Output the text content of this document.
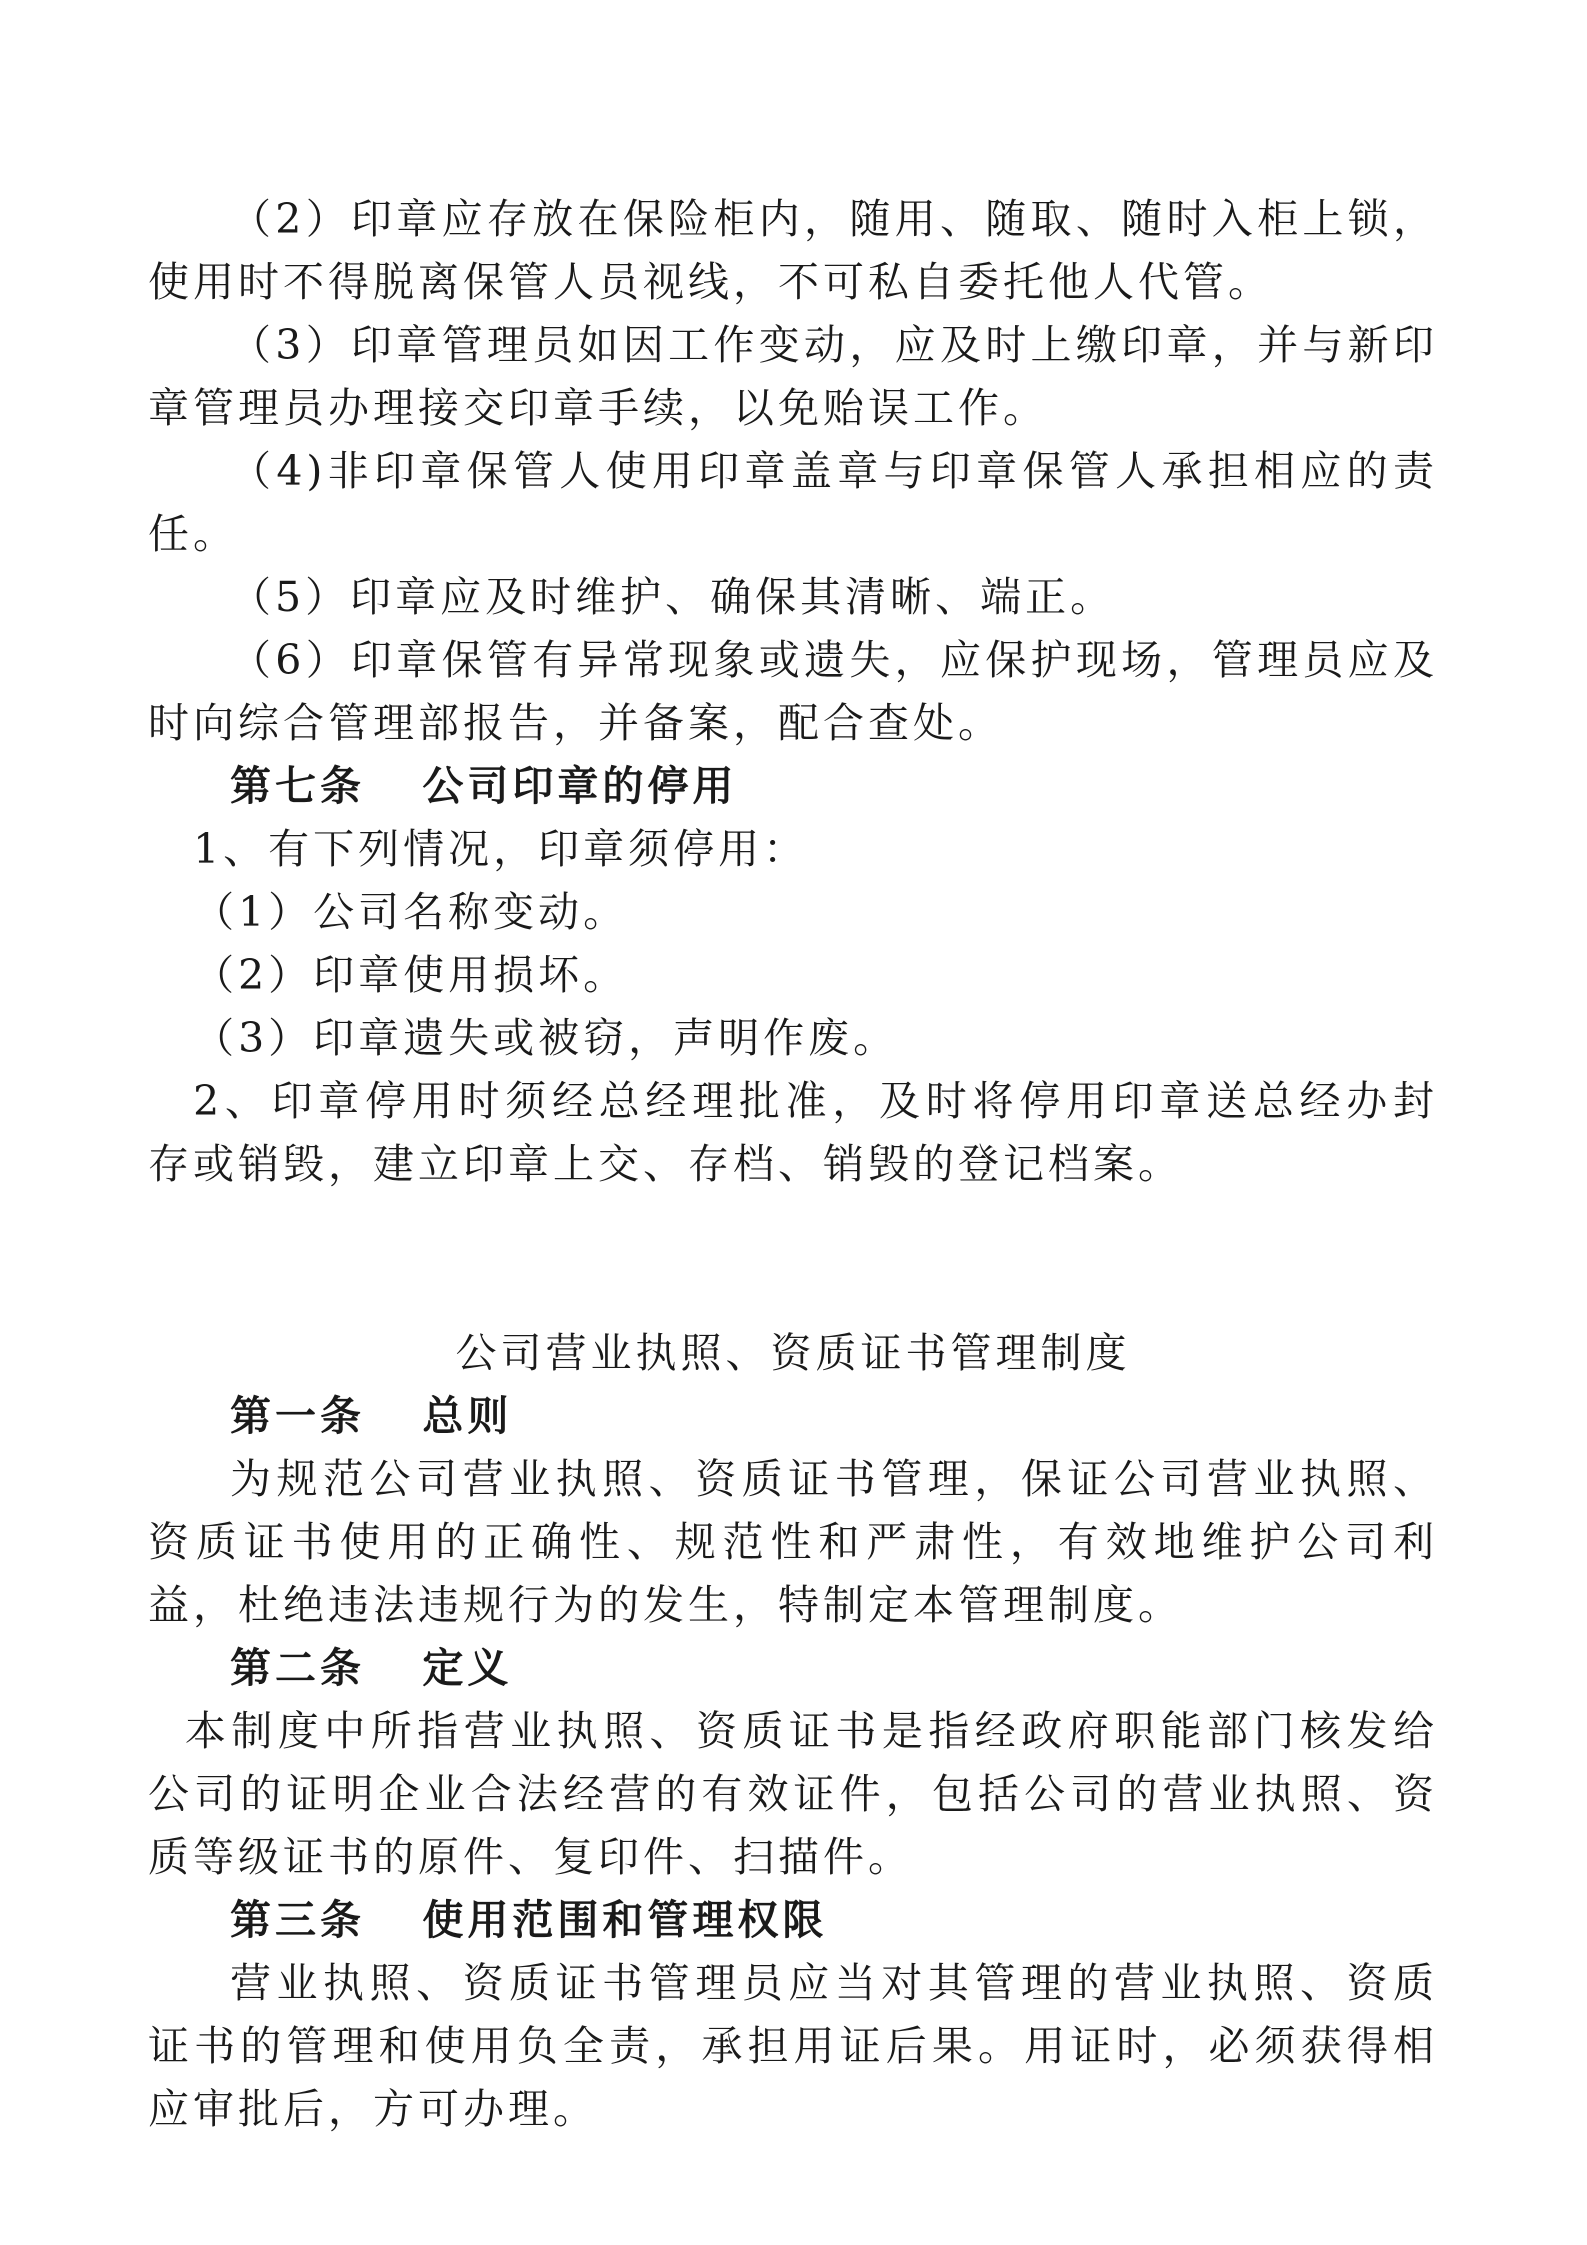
（2）印章应存放在保险柜内，随用、随取、随时入柜上锁，使用时不得脱离保管人员视线，不可私自委托他人代管。

（3）印章管理员如因工作变动，应及时上缴印章，并与新印章管理员办理接交印章手续，以免贻误工作。

（4)非印章保管人使用印章盖章与印章保管人承担相应的责任。

（5）印章应及时维护、确保其清晰、端正。

（6）印章保管有异常现象或遗失，应保护现场，管理员应及时向综合管理部报告，并备案，配合查处。

第七条 公司印章的停用

1、有下列情况，印章须停用：

（1）公司名称变动。

（2）印章使用损坏。

（3）印章遗失或被窃，声明作废。

2、印章停用时须经总经理批准，及时将停用印章送总经办封存或销毁，建立印章上交、存档、销毁的登记档案。

公司营业执照、资质证书管理制度

第一条 总则

为规范公司营业执照、资质证书管理，保证公司营业执照、资质证书使用的正确性、规范性和严肃性，有效地维护公司利益，杜绝违法违规行为的发生，特制定本管理制度。

第二条 定义

本制度中所指营业执照、资质证书是指经政府职能部门核发给公司的证明企业合法经营的有效证件，包括公司的营业执照、资质等级证书的原件、复印件、扫描件。

第三条 使用范围和管理权限

营业执照、资质证书管理员应当对其管理的营业执照、资质证书的管理和使用负全责，承担用证后果。用证时，必须获得相应审批后，方可办理。
